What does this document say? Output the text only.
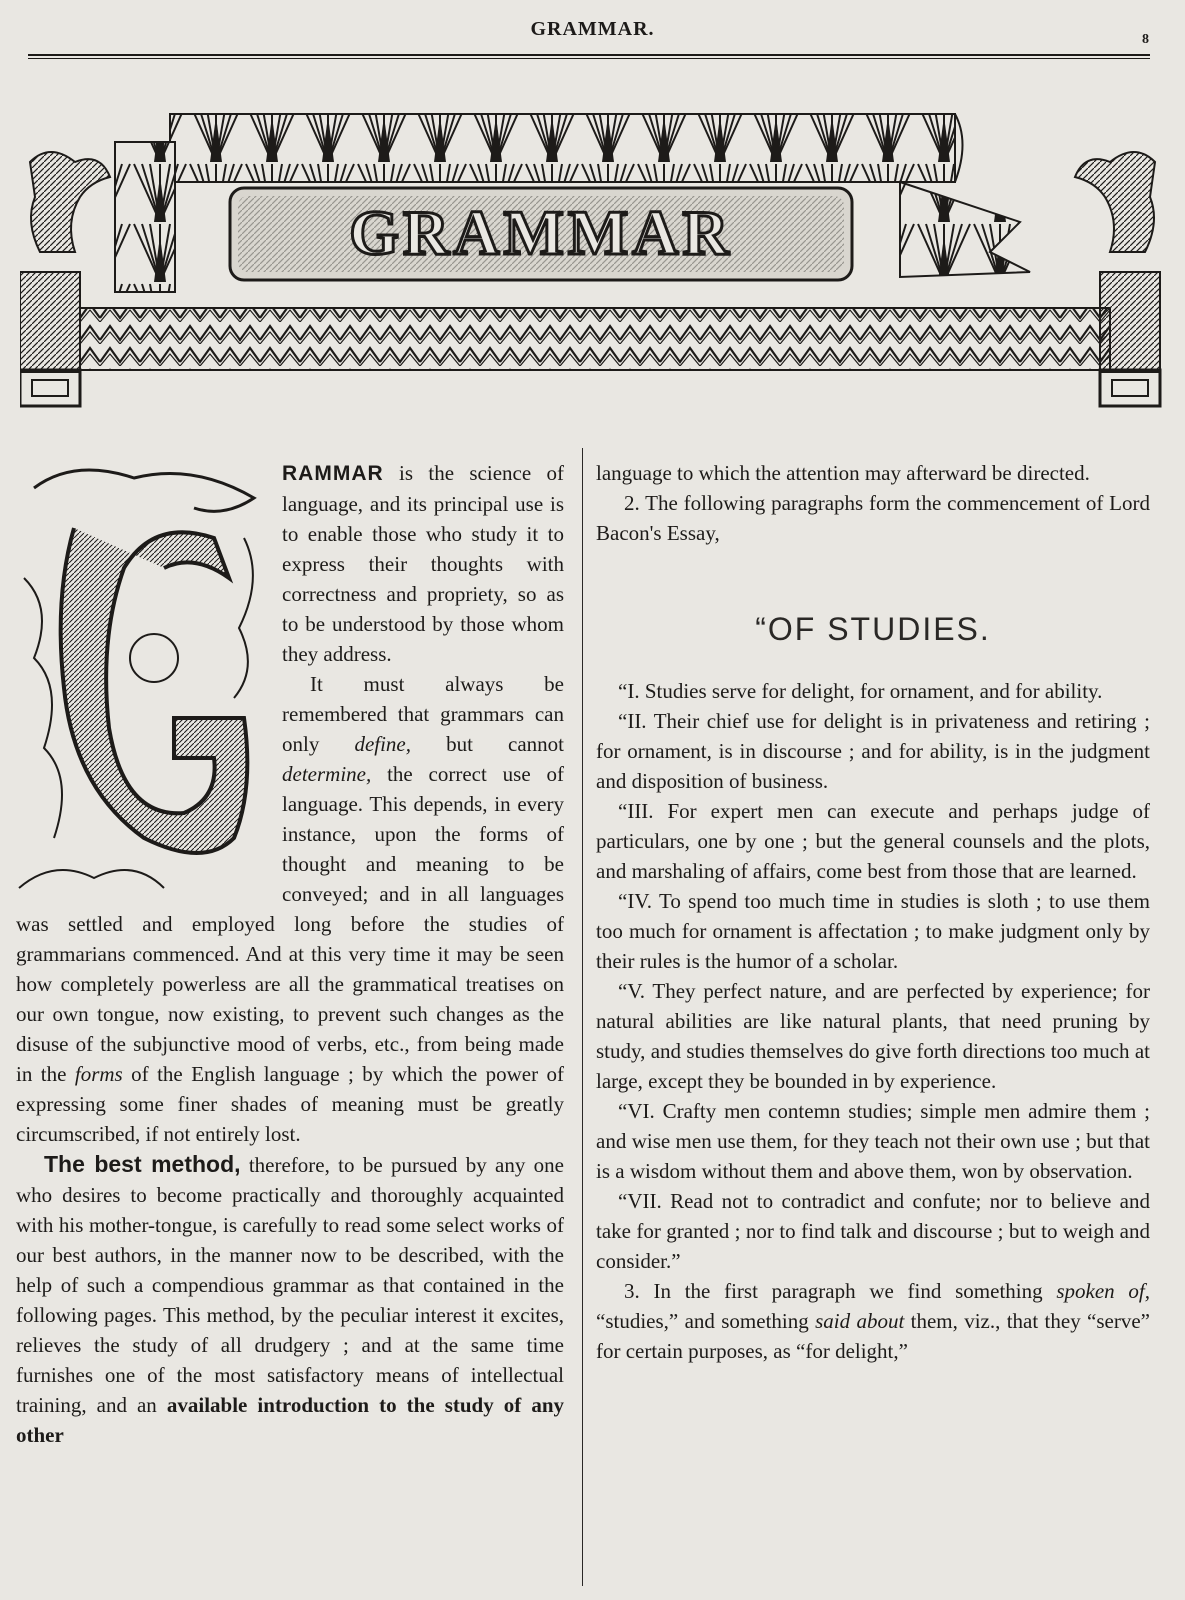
GRAMMAR.	8
GRAMMAR

RAMMAR is the science of language, and its principal use is to enable those who study it to express their thoughts with correctness and propriety, so as to be understood by those whom they address.

It must always be remembered that grammars can only define, but cannot determine, the correct use of language. This depends, in every instance, upon the forms of thought and meaning to be conveyed; and in all languages was settled and employed long before the studies of grammarians commenced. And at this very time it may be seen how completely powerless are all the grammatical treatises on our own tongue, now existing, to prevent such changes as the disuse of the subjunctive mood of verbs, etc., from being made in the forms of the English language ; by which the power of expressing some finer shades of meaning must be greatly circumscribed, if not entirely lost.

The best method, therefore, to be pursued by any one who desires to become practically and thoroughly acquainted with his mother-tongue, is carefully to read some select works of our best authors, in the manner now to be described, with the help of such a compendious grammar as that contained in the following pages. This method, by the peculiar interest it excites, relieves the study of all drudgery ; and at the same time furnishes one of the most satisfactory means of intellectual training, and an available introduction to the study of any other

language to which the attention may afterward be directed.

2. The following paragraphs form the commencement of Lord Bacon's Essay,

“OF STUDIES.

“I. Studies serve for delight, for ornament, and for ability.

“II. Their chief use for delight is in privateness and retiring ; for ornament, is in discourse ; and for ability, is in the judgment and disposition of business.

“III. For expert men can execute and perhaps judge of particulars, one by one ; but the general counsels and the plots, and marshaling of affairs, come best from those that are learned.

“IV. To spend too much time in studies is sloth ; to use them too much for ornament is affectation ; to make judgment only by their rules is the humor of a scholar.

“V. They perfect nature, and are perfected by experience; for natural abilities are like natural plants, that need pruning by study, and studies themselves do give forth directions too much at large, except they be bounded in by experience.

“VI. Crafty men contemn studies; simple men admire them ; and wise men use them, for they teach not their own use ; but that is a wisdom without them and above them, won by observation.

“VII. Read not to contradict and confute; nor to believe and take for granted ; nor to find talk and discourse ; but to weigh and consider.”

3. In the first paragraph we find something spoken of, “studies,” and something said about them, viz., that they “serve” for certain purposes, as “for delight,”
